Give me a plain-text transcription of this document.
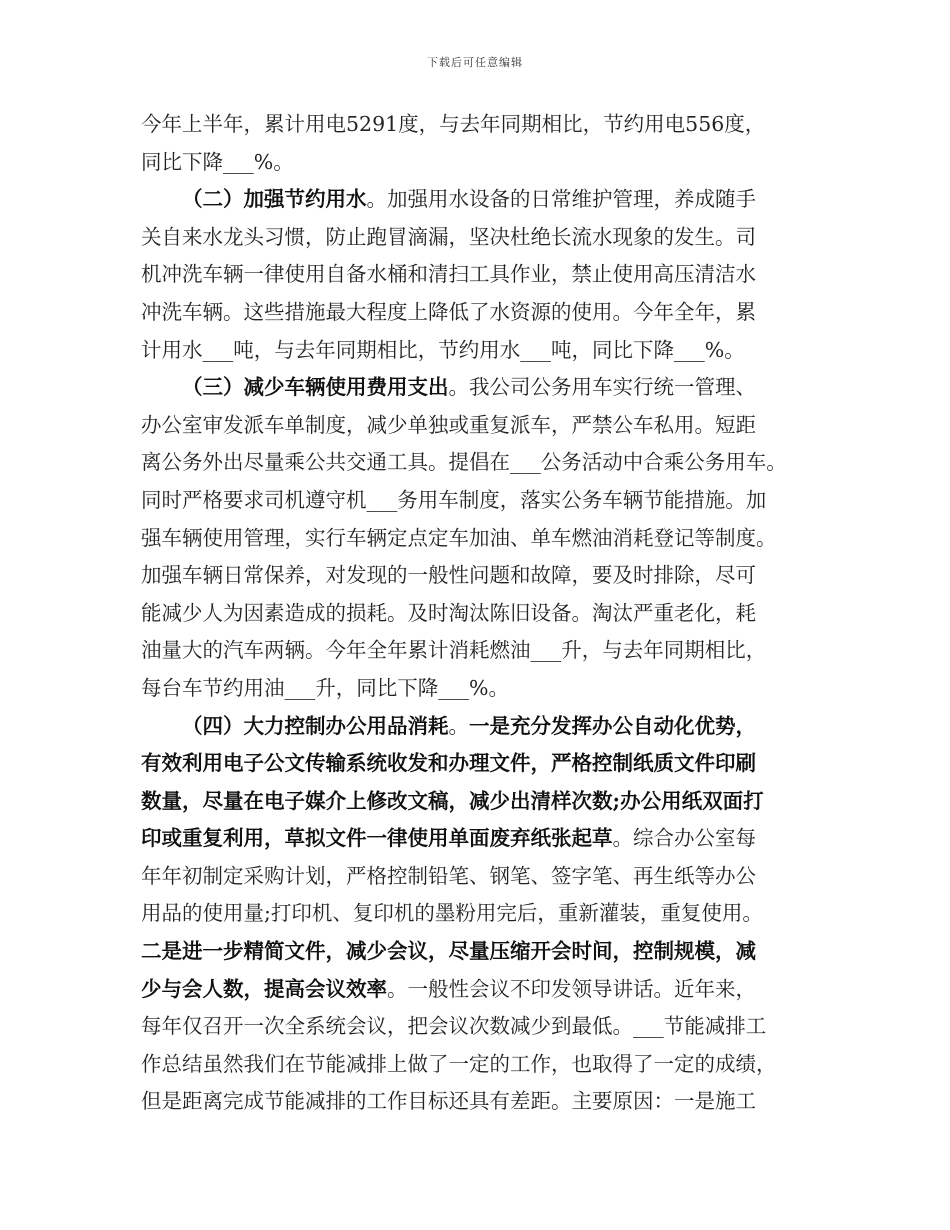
下载后可任意编辑
今年上半年，累计用电5291度，与去年同期相比，节约用电556度，
同比下降___%。
（二）加强节约用水。加强用水设备的日常维护管理，养成随手
关自来水龙头习惯，防止跑冒滴漏，坚决杜绝长流水现象的发生。司
机冲洗车辆一律使用自备水桶和清扫工具作业，禁止使用高压清洁水
冲洗车辆。这些措施最大程度上降低了水资源的使用。今年全年，累
计用水___吨，与去年同期相比，节约用水___吨，同比下降___%。
（三）减少车辆使用费用支出。我公司公务用车实行统一管理、
办公室审发派车单制度，减少单独或重复派车，严禁公车私用。短距
离公务外出尽量乘公共交通工具。提倡在___公务活动中合乘公务用车。
同时严格要求司机遵守机___务用车制度，落实公务车辆节能措施。加
强车辆使用管理，实行车辆定点定车加油、单车燃油消耗登记等制度。
加强车辆日常保养，对发现的一般性问题和故障，要及时排除，尽可
能减少人为因素造成的损耗。及时淘汰陈旧设备。淘汰严重老化，耗
油量大的汽车两辆。今年全年累计消耗燃油___升，与去年同期相比，
每台车节约用油___升，同比下降___%。
（四）大力控制办公用品消耗。一是充分发挥办公自动化优势，
有效利用电子公文传输系统收发和办理文件，严格控制纸质文件印刷
数量，尽量在电子媒介上修改文稿，减少出清样次数;办公用纸双面打
印或重复利用，草拟文件一律使用单面废弃纸张起草。综合办公室每
年年初制定采购计划，严格控制铅笔、钢笔、签字笔、再生纸等办公
用品的使用量;打印机、复印机的墨粉用完后，重新灌装，重复使用。
二是进一步精简文件，减少会议，尽量压缩开会时间，控制规模，减
少与会人数，提高会议效率。一般性会议不印发领导讲话。近年来，
每年仅召开一次全系统会议，把会议次数减少到最低。___节能减排工
作总结虽然我们在节能减排上做了一定的工作，也取得了一定的成绩，
但是距离完成节能减排的工作目标还具有差距。主要原因：一是施工
